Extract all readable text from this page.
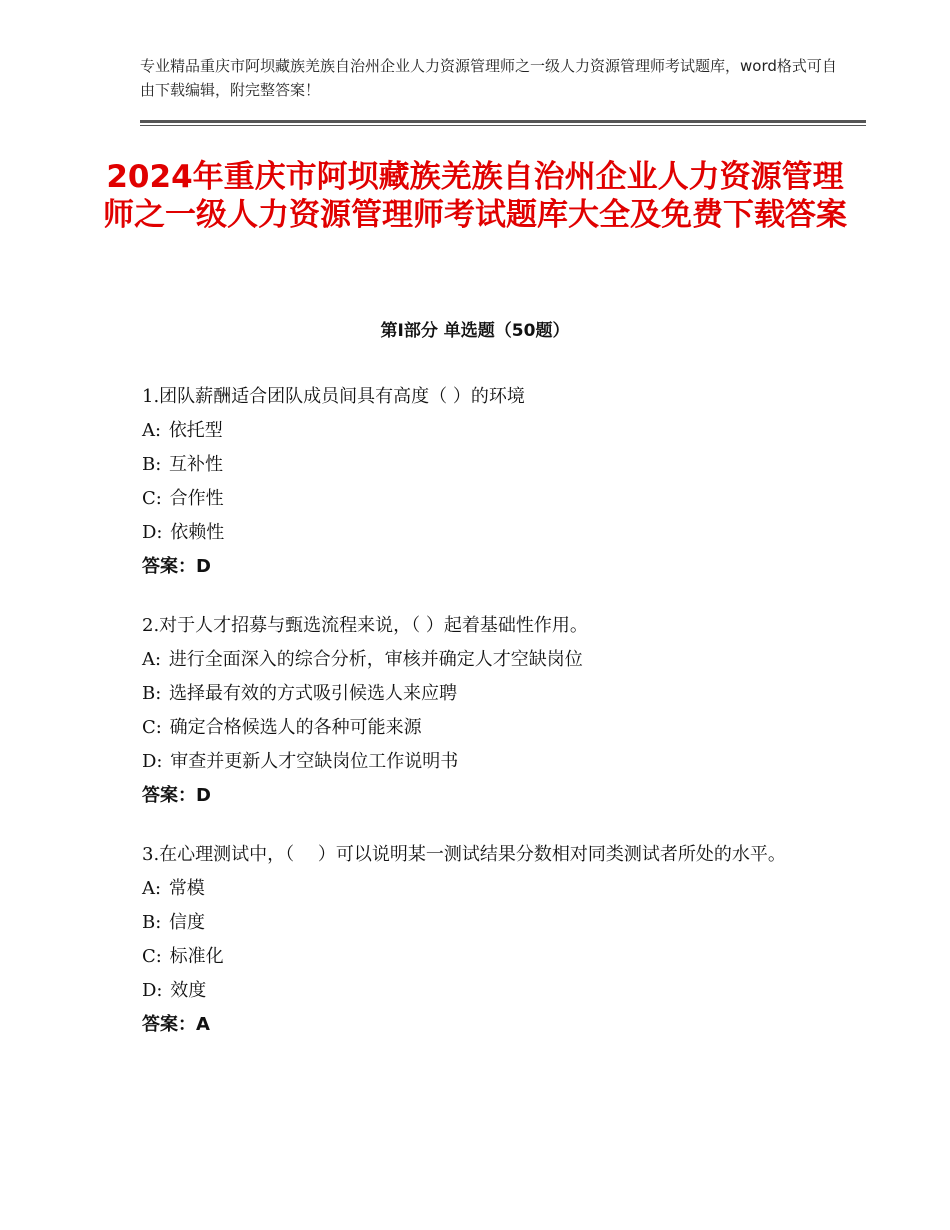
专业精品重庆市阿坝藏族羌族自治州企业人力资源管理师之一级人力资源管理师考试题库，word格式可自由下载编辑，附完整答案！
2024年重庆市阿坝藏族羌族自治州企业人力资源管理师之一级人力资源管理师考试题库大全及免费下载答案
第Ⅰ部分 单选题（50题）
1.团队薪酬适合团队成员间具有高度（ ）的环境
A: 依托型
B: 互补性
C: 合作性
D: 依赖性
答案：D
2.对于人才招募与甄选流程来说，（ ）起着基础性作用。
A: 进行全面深入的综合分析，审核并确定人才空缺岗位
B: 选择最有效的方式吸引候选人来应聘
C: 确定合格候选人的各种可能来源
D: 审查并更新人才空缺岗位工作说明书
答案：D
3.在心理测试中，（　 ）可以说明某一测试结果分数相对同类测试者所处的水平。
A: 常模
B: 信度
C: 标准化
D: 效度
答案：A
